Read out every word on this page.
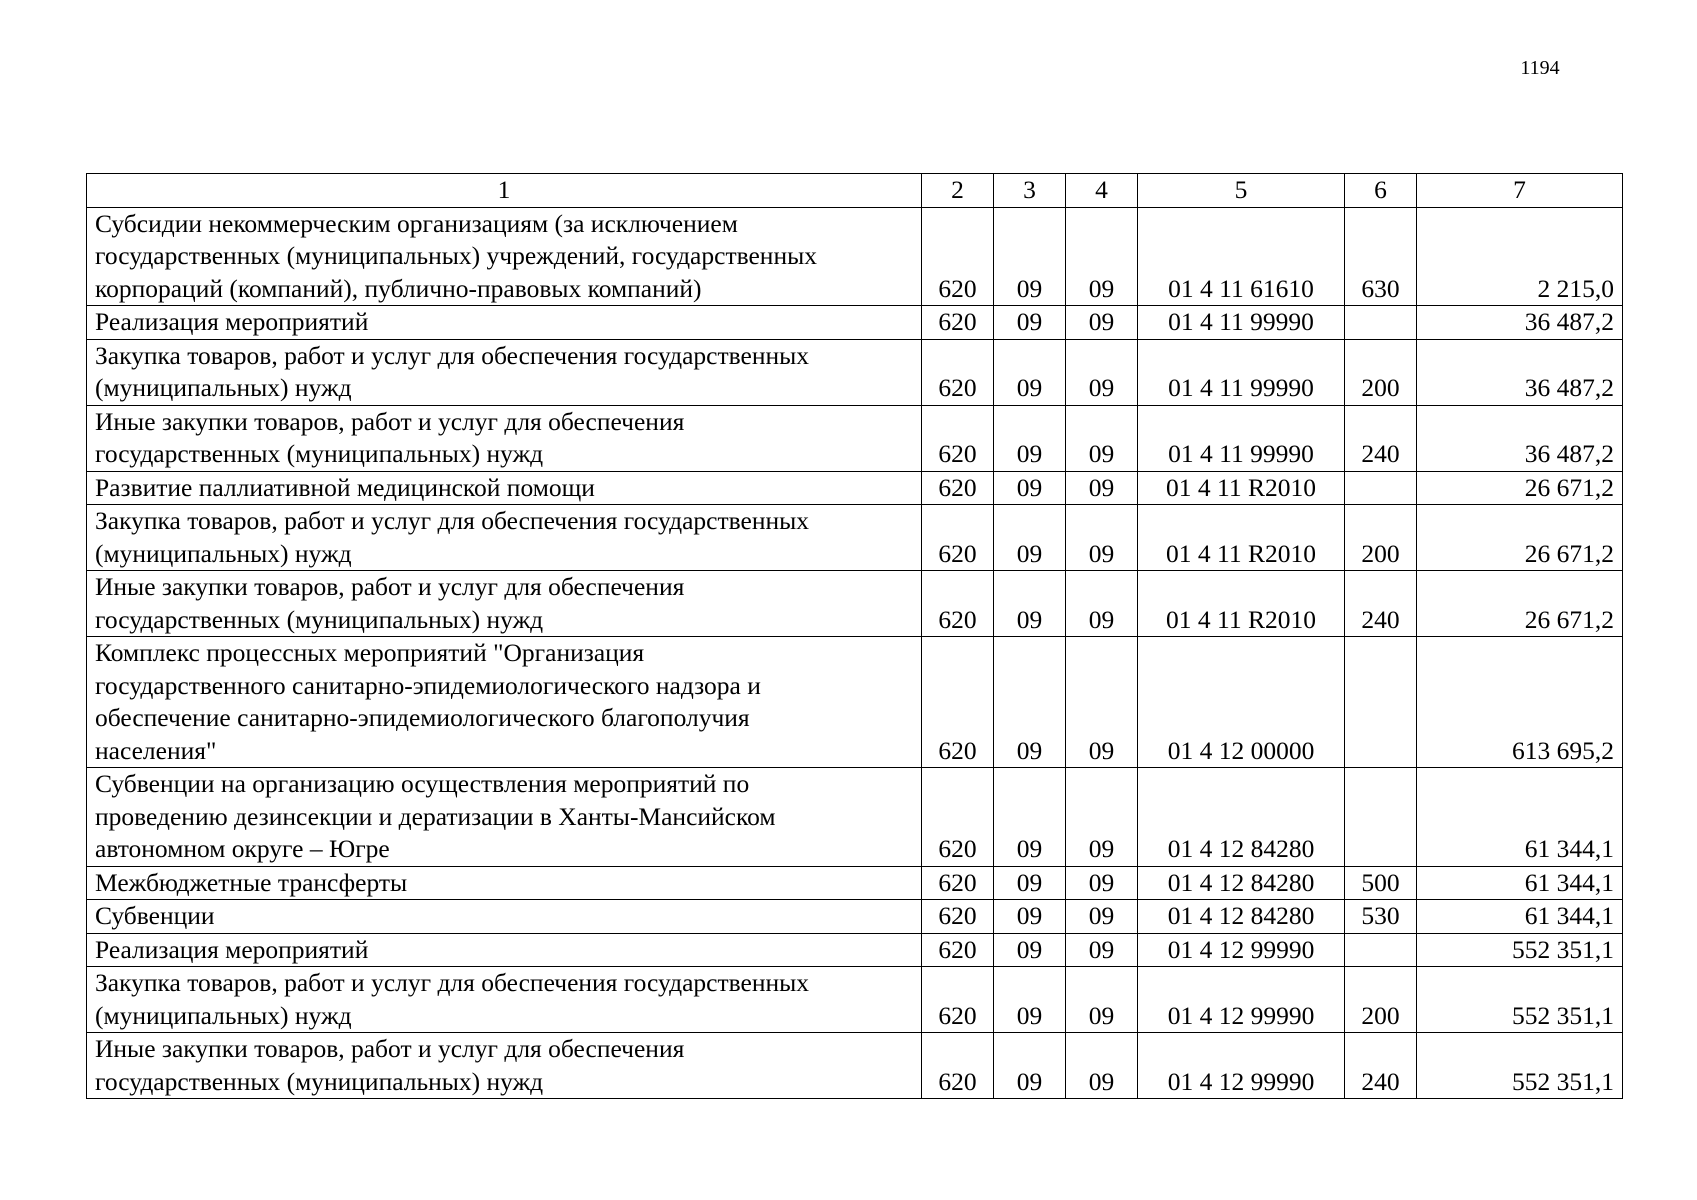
1194
1	2	3	4	5	6	7
Субсидии некоммерческим организациям (за исключением
государственных (муниципальных) учреждений, государственных
корпораций (компаний), публично-правовых компаний)	620	09	09	01 4 11 61610	630	2 215,0
Реализация мероприятий	620	09	09	01 4 11 99990		36 487,2
Закупка товаров, работ и услуг для обеспечения государственных
(муниципальных) нужд	620	09	09	01 4 11 99990	200	36 487,2
Иные закупки товаров, работ и услуг для обеспечения
государственных (муниципальных) нужд	620	09	09	01 4 11 99990	240	36 487,2
Развитие паллиативной медицинской помощи	620	09	09	01 4 11 R2010		26 671,2
Закупка товаров, работ и услуг для обеспечения государственных
(муниципальных) нужд	620	09	09	01 4 11 R2010	200	26 671,2
Иные закупки товаров, работ и услуг для обеспечения
государственных (муниципальных) нужд	620	09	09	01 4 11 R2010	240	26 671,2
Комплекс процессных мероприятий "Организация
государственного санитарно-эпидемиологического надзора и
обеспечение санитарно-эпидемиологического благополучия
населения"	620	09	09	01 4 12 00000		613 695,2
Субвенции на организацию осуществления мероприятий по
проведению дезинсекции и дератизации в Ханты-Мансийском
автономном округе – Югре	620	09	09	01 4 12 84280		61 344,1
Межбюджетные трансферты	620	09	09	01 4 12 84280	500	61 344,1
Субвенции	620	09	09	01 4 12 84280	530	61 344,1
Реализация мероприятий	620	09	09	01 4 12 99990		552 351,1
Закупка товаров, работ и услуг для обеспечения государственных
(муниципальных) нужд	620	09	09	01 4 12 99990	200	552 351,1
Иные закупки товаров, работ и услуг для обеспечения
государственных (муниципальных) нужд	620	09	09	01 4 12 99990	240	552 351,1
